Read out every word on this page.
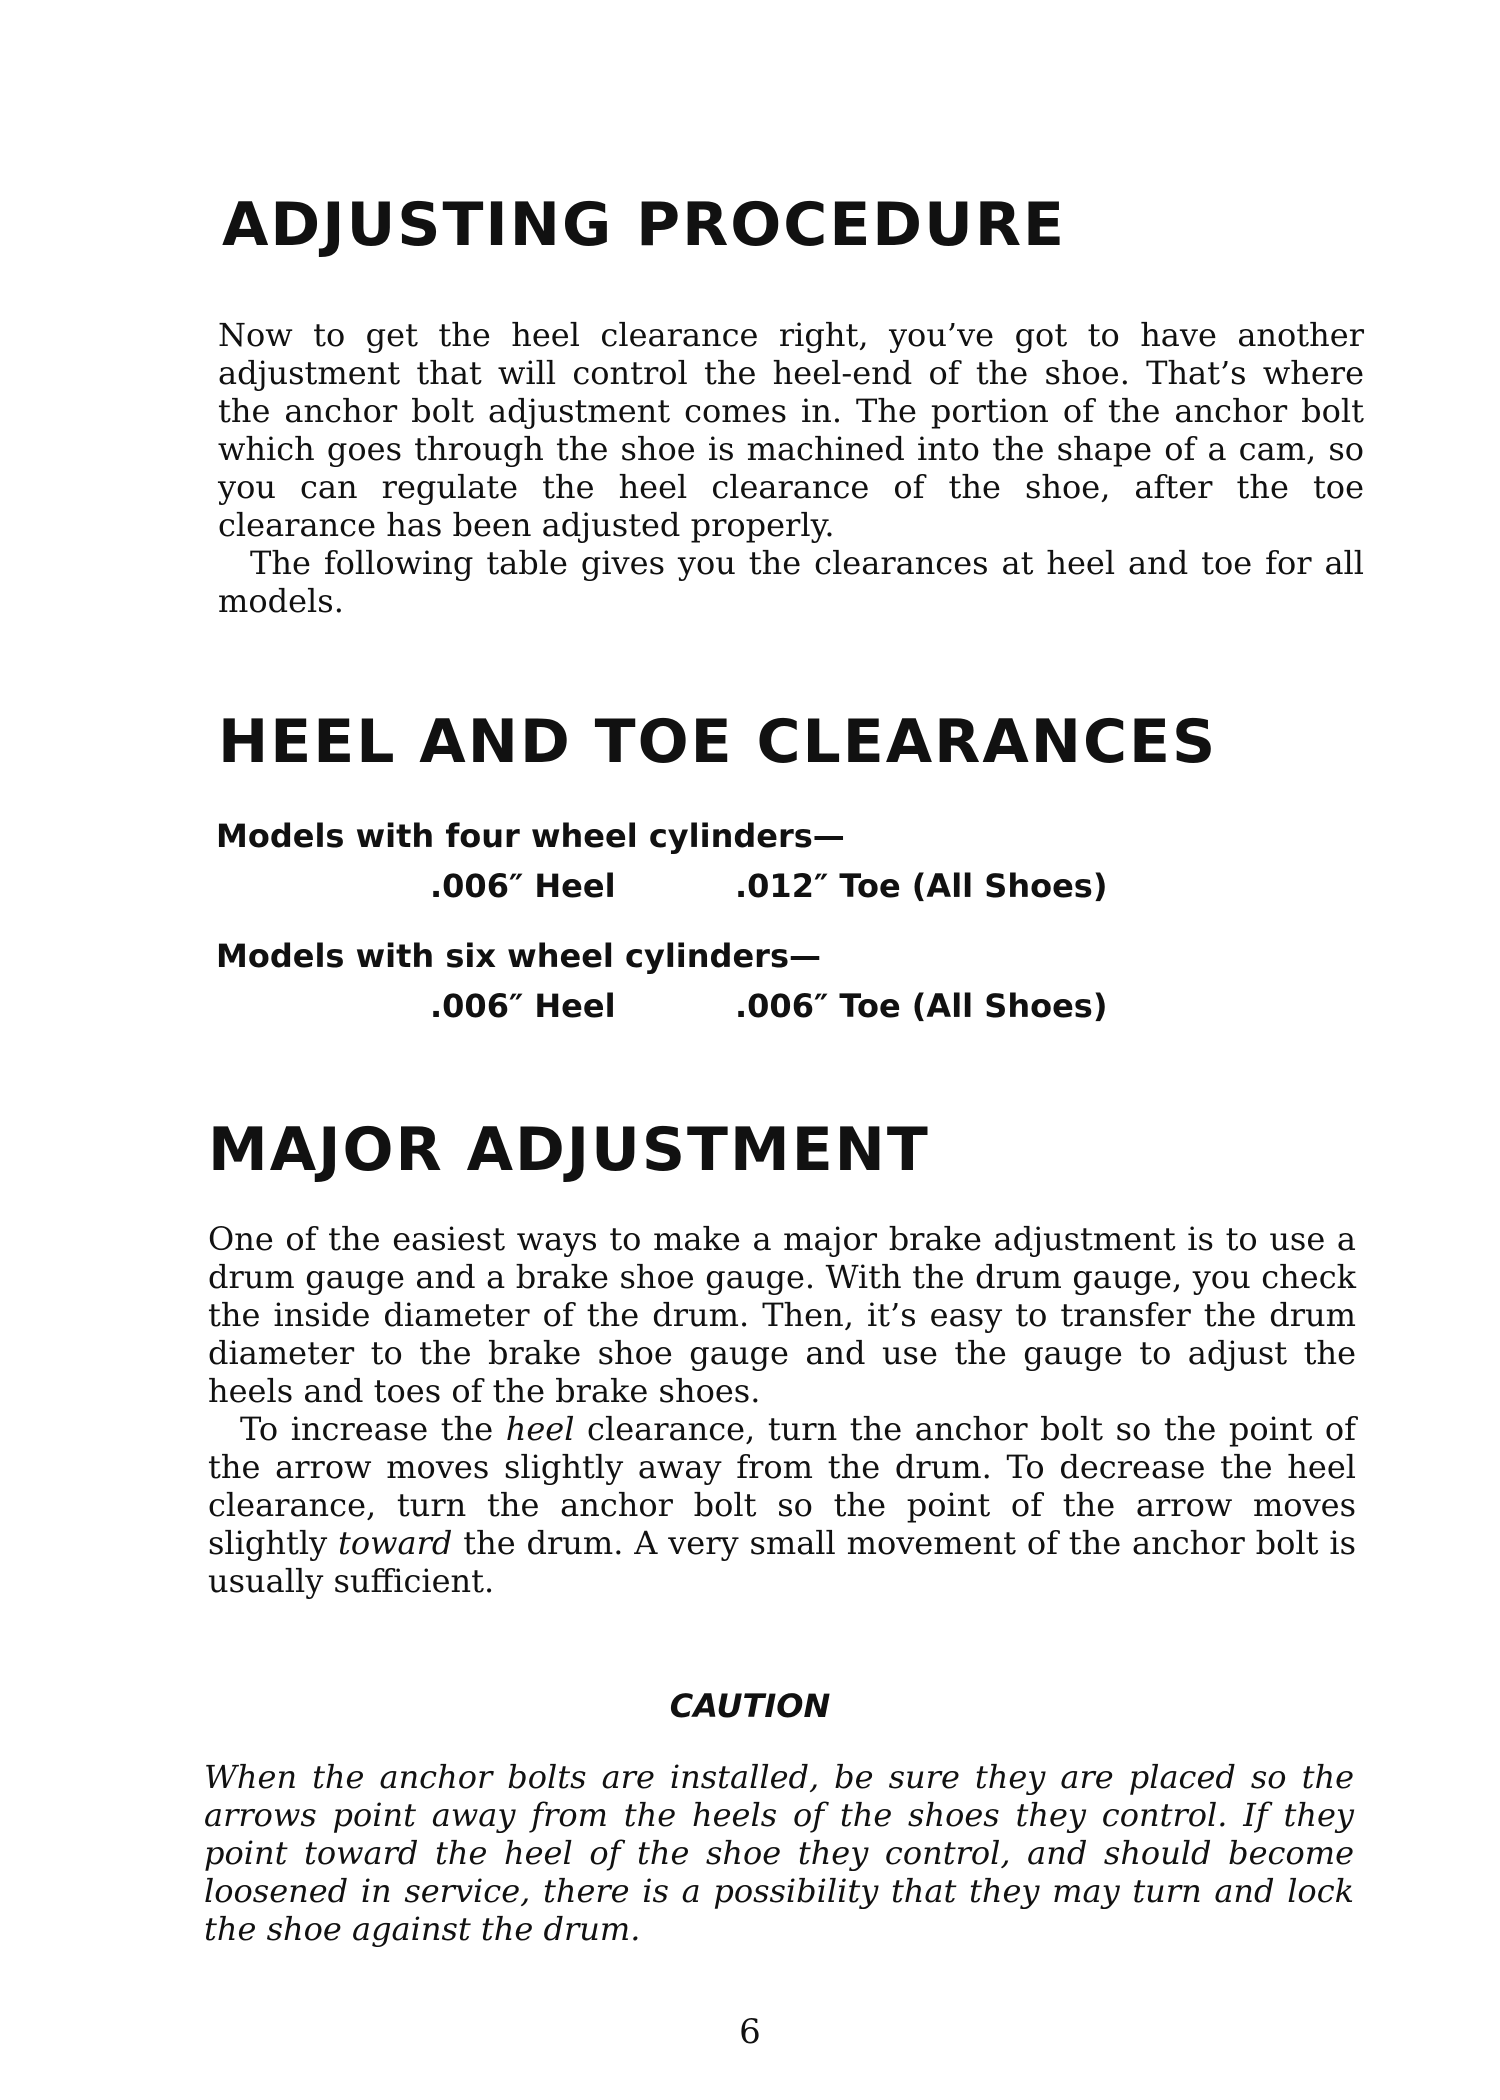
ADJUSTING PROCEDURE

Now to get the heel clearance right, you’ve got to have another adjustment that will control the heel-end of the shoe. That’s where the anchor bolt adjustment comes in. The portion of the anchor bolt which goes through the shoe is machined into the shape of a cam, so you can regulate the heel clearance of the shoe, after the toe clearance has been adjusted properly.

The following table gives you the clearances at heel and toe for all models.

HEEL AND TOE CLEARANCES
Models with four wheel cylinders—
.006″ Heel	.012″ Toe (All Shoes)
Models with six wheel cylinders—
.006″ Heel	.006″ Toe (All Shoes)
MAJOR ADJUSTMENT

One of the easiest ways to make a major brake adjustment is to use a drum gauge and a brake shoe gauge. With the drum gauge, you check the inside diameter of the drum. Then, it’s easy to transfer the drum diameter to the brake shoe gauge and use the gauge to adjust the heels and toes of the brake shoes.

To increase the heel clearance, turn the anchor bolt so the point of the arrow moves slightly away from the drum. To decrease the heel clearance, turn the anchor bolt so the point of the arrow moves slightly toward the drum. A very small movement of the anchor bolt is usually sufficient.

CAUTION

When the anchor bolts are installed, be sure they are placed so the arrows point away from the heels of the shoes they control. If they point toward the heel of the shoe they control, and should become loosened in service, there is a possibility that they may turn and lock the shoe against the drum.

6
